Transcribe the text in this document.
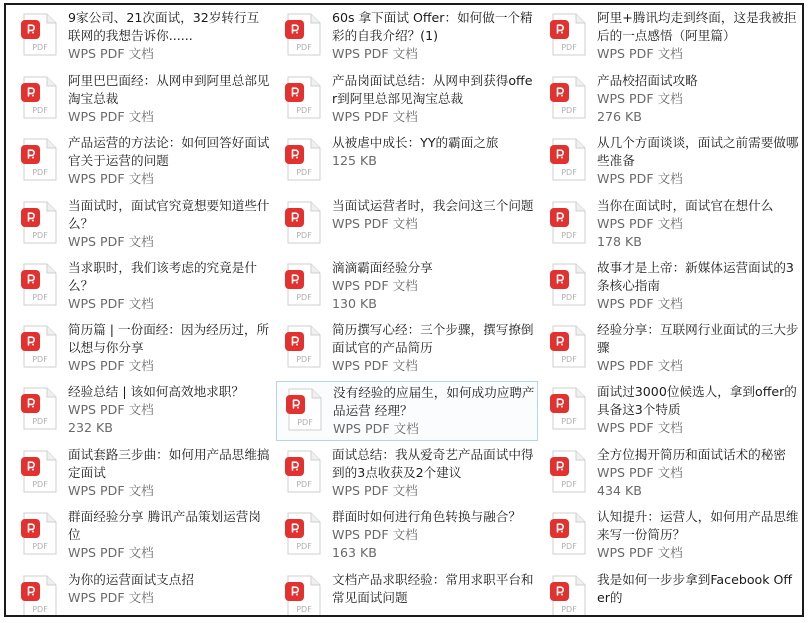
PDF
9家公司、21次面试，32岁转行互联网的我想告诉你......
WPS PDF 文档
PDF
阿里巴巴面经：从网申到阿里总部见淘宝总裁
WPS PDF 文档
PDF
产品运营的方法论：如何回答好面试官关于运营的问题
WPS PDF 文档
PDF
当面试时，面试官究竟想要知道些什么？
WPS PDF 文档
PDF
当求职时，我们该考虑的究竟是什么？
WPS PDF 文档
PDF
简历篇 | 一份面经：因为经历过，所以想与你分享
WPS PDF 文档
PDF
经验总结 | 该如何高效地求职？
WPS PDF 文档
232 KB
PDF
面试套路三步曲：如何用产品思维搞定面试
WPS PDF 文档
PDF
群面经验分享 腾讯产品策划运营岗位
WPS PDF 文档
PDF
为你的运营面试支点招
WPS PDF 文档
PDF
60s 拿下面试 Offer：如何做一个精彩的自我介绍？(1)
WPS PDF 文档
PDF
产品岗面试总结：从网申到获得offer到阿里总部见淘宝总裁
WPS PDF 文档
PDF
从被虐中成长：YY的霸面之旅
125 KB
PDF
当面试运营者时，我会问这三个问题
WPS PDF 文档
PDF
滴滴霸面经验分享
WPS PDF 文档
130 KB
PDF
简历撰写心经：三个步骤，撰写撩倒面试官的产品简历
WPS PDF 文档
PDF
没有经验的应届生，如何成功应聘产品运营 经理？
WPS PDF 文档
PDF
面试总结：我从爱奇艺产品面试中得到的3点收获及2个建议
WPS PDF 文档
PDF
群面时如何进行角色转换与融合？
WPS PDF 文档
163 KB
PDF
文档产品求职经验：常用求职平台和常见面试问题
PDF
阿里+腾讯均走到终面，这是我被拒后的一点感悟（阿里篇）
WPS PDF 文档
PDF
产品校招面试攻略
WPS PDF 文档
276 KB
PDF
从几个方面谈谈，面试之前需要做哪些准备
WPS PDF 文档
PDF
当你在面试时，面试官在想什么
WPS PDF 文档
178 KB
PDF
故事才是上帝：新媒体运营面试的3条核心指南
WPS PDF 文档
PDF
经验分享：互联网行业面试的三大步骤
WPS PDF 文档
PDF
面试过3000位候选人，拿到offer的具备这3个特质
WPS PDF 文档
PDF
全方位揭开简历和面试话术的秘密
WPS PDF 文档
434 KB
PDF
认知提升：运营人，如何用产品思维来写一份简历？
WPS PDF 文档
PDF
我是如何一步步拿到Facebook Offer的
